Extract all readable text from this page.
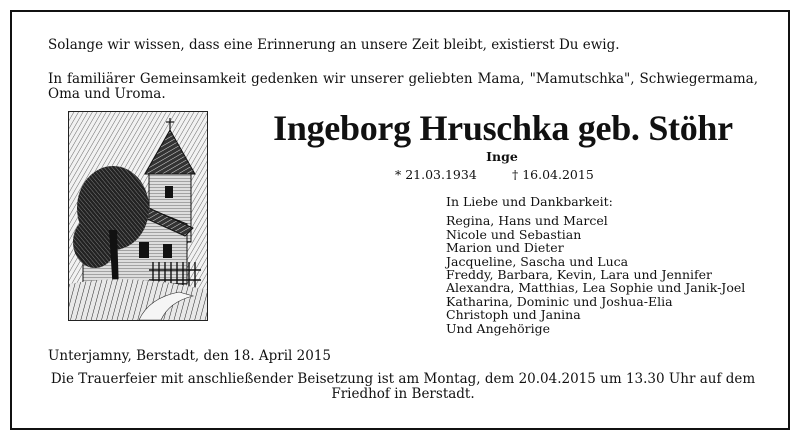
Solange wir wissen, dass eine Erinnerung an unsere Zeit bleibt, existierst Du ewig.

In familiärer Gemeinsamkeit gedenken wir unserer geliebten Mama, "Mamutschka", Schwiegermama, Oma und Uroma.

Ingeborg Hruschka geb. Stöhr

Inge

* 21.03.1934	† 16.04.2015
In Liebe und Dankbarkeit:
Regina, Hans und Marcel
Nicole und Sebastian
Marion und Dieter
Jacqueline, Sascha und Luca
Freddy, Barbara, Kevin, Lara und Jennifer
Alexandra, Matthias, Lea Sophie und Janik-Joel
Katharina, Dominic und Joshua-Elia
Christoph und Janina
Und Angehörige

Unterjamny, Berstadt, den 18. April 2015

Die Trauerfeier mit anschließender Beisetzung ist am Montag, dem 20.04.2015 um 13.30 Uhr auf dem Friedhof in Berstadt.
